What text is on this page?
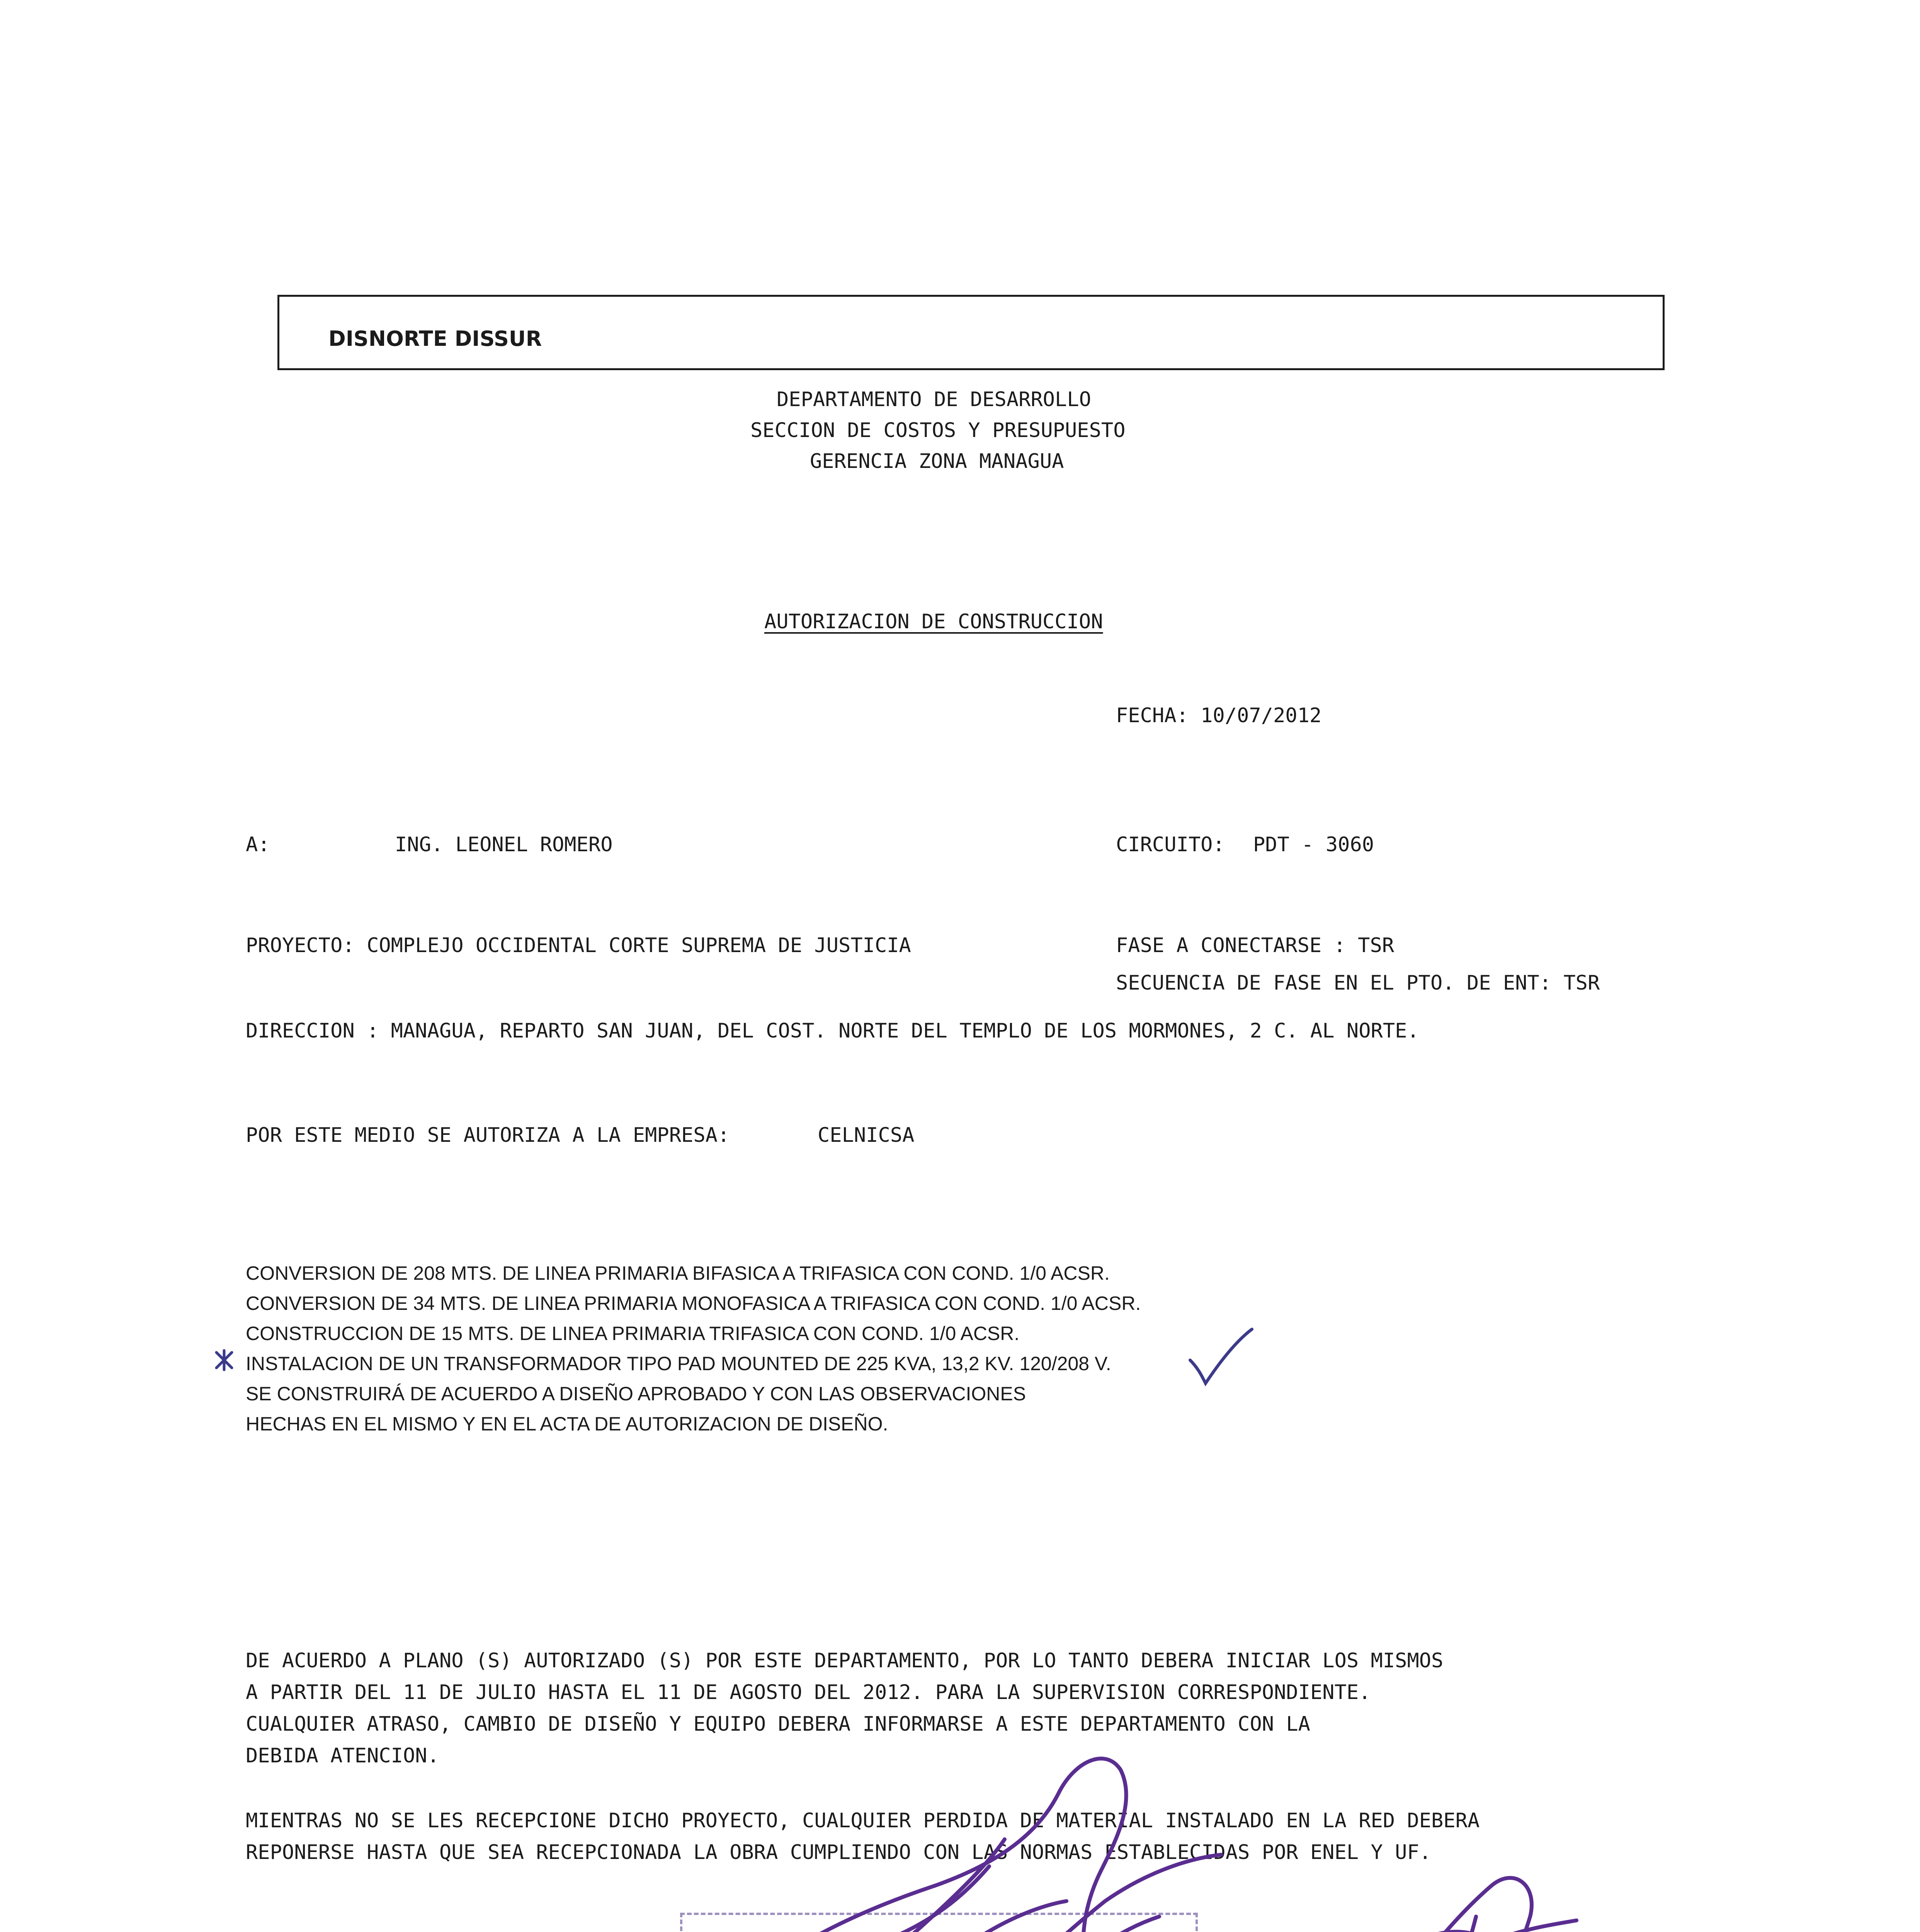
DISNORTE DISSUR
DEPARTAMENTO DE DESARROLLO
SECCION DE COSTOS Y PRESUPUESTO
GERENCIA ZONA MANAGUA
AUTORIZACION DE CONSTRUCCION
FECHA: 10/07/2012
A:	ING. LEONEL ROMERO	CIRCUITO: PDT - 3060
PROYECTO: COMPLEJO OCCIDENTAL CORTE SUPREMA DE JUSTICIA	FASE A CONECTARSE : TSR
SECUENCIA DE FASE EN EL PTO. DE ENT: TSR
DIRECCION : MANAGUA, REPARTO SAN JUAN, DEL COST. NORTE DEL TEMPLO DE LOS MORMONES, 2 C. AL NORTE.
POR ESTE MEDIO SE AUTORIZA A LA EMPRESA:	CELNICSA
CONVERSION DE 208 MTS. DE LINEA PRIMARIA BIFASICA A TRIFASICA CON COND. 1/0 ACSR.
CONVERSION DE 34 MTS. DE LINEA PRIMARIA MONOFASICA A TRIFASICA CON COND. 1/0 ACSR.
CONSTRUCCION DE 15 MTS. DE LINEA PRIMARIA TRIFASICA CON COND. 1/0 ACSR.
INSTALACION DE UN TRANSFORMADOR TIPO PAD MOUNTED DE 225 KVA, 13,2 KV. 120/208 V.
SE CONSTRUIRÁ DE ACUERDO A DISEÑO APROBADO Y CON LAS OBSERVACIONES
HECHAS EN EL MISMO Y EN EL ACTA DE AUTORIZACION DE DISEÑO.
DE ACUERDO A PLANO (S) AUTORIZADO (S) POR ESTE DEPARTAMENTO, POR LO TANTO DEBERA INICIAR LOS MISMOS
A PARTIR DEL 11 DE JULIO HASTA EL 11 DE AGOSTO DEL 2012. PARA LA SUPERVISION CORRESPONDIENTE.
CUALQUIER ATRASO, CAMBIO DE DISEÑO Y EQUIPO DEBERA INFORMARSE A ESTE DEPARTAMENTO CON LA
DEBIDA ATENCION.
MIENTRAS NO SE LES RECEPCIONE DICHO PROYECTO, CUALQUIER PERDIDA DE MATERIAL INSTALADO EN LA RED DEBERA
REPONERSE HASTA QUE SEA RECEPCIONADA LA OBRA CUMPLIENDO CON LAS NORMAS ESTABLECIDAS POR ENEL Y UF.
